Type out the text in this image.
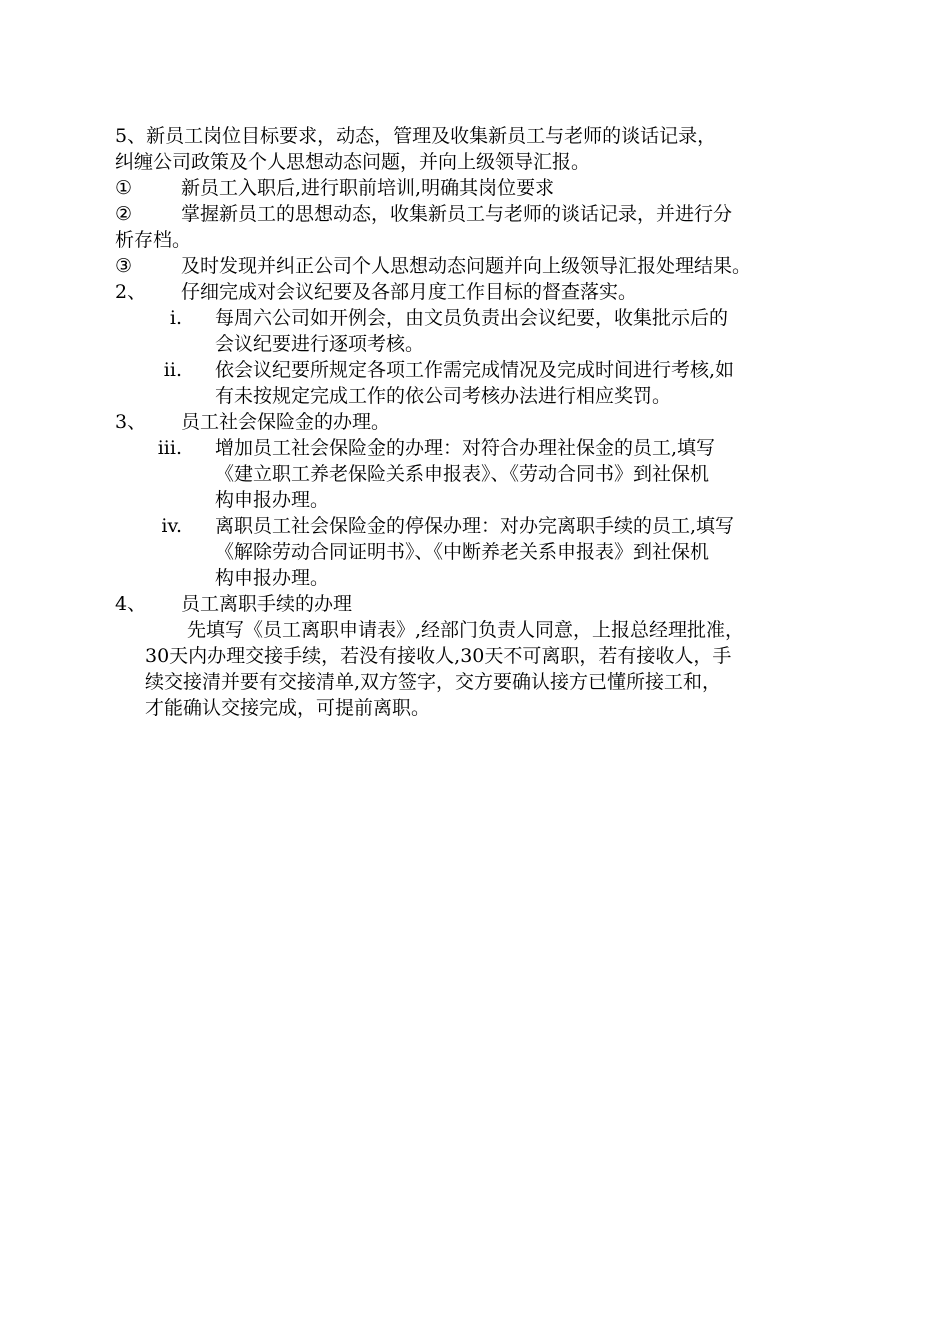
5、新员工岗位目标要求，动态，管理及收集新员工与老师的谈话记录，
纠缠公司政策及个人思想动态问题，并向上级领导汇报。
①	新员工入职后,进行职前培训,明确其岗位要求
②	掌握新员工的思想动态，收集新员工与老师的谈话记录，并进行分
析存档。
③	及时发现并纠正公司个人思想动态问题并向上级领导汇报处理结果。
2、	仔细完成对会议纪要及各部月度工作目标的督查落实。
i.	每周六公司如开例会，由文员负责出会议纪要，收集批示后的
会议纪要进行逐项考核。
ii.	依会议纪要所规定各项工作需完成情况及完成时间进行考核,如
有未按规定完成工作的依公司考核办法进行相应奖罚。
3、	员工社会保险金的办理。
iii.	增加员工社会保险金的办理：对符合办理社保金的员工,填写
《建立职工养老保险关系申报表》、《劳动合同书》到社保机
构申报办理。
iv.	离职员工社会保险金的停保办理：对办完离职手续的员工,填写
《解除劳动合同证明书》、《中断养老关系申报表》到社保机
构申报办理。
4、	员工离职手续的办理
先填写《员工离职申请表》,经部门负责人同意，上报总经理批准，
30天内办理交接手续，若没有接收人,30天不可离职，若有接收人，手
续交接清并要有交接清单,双方签字，交方要确认接方已懂所接工和，
才能确认交接完成，可提前离职。
